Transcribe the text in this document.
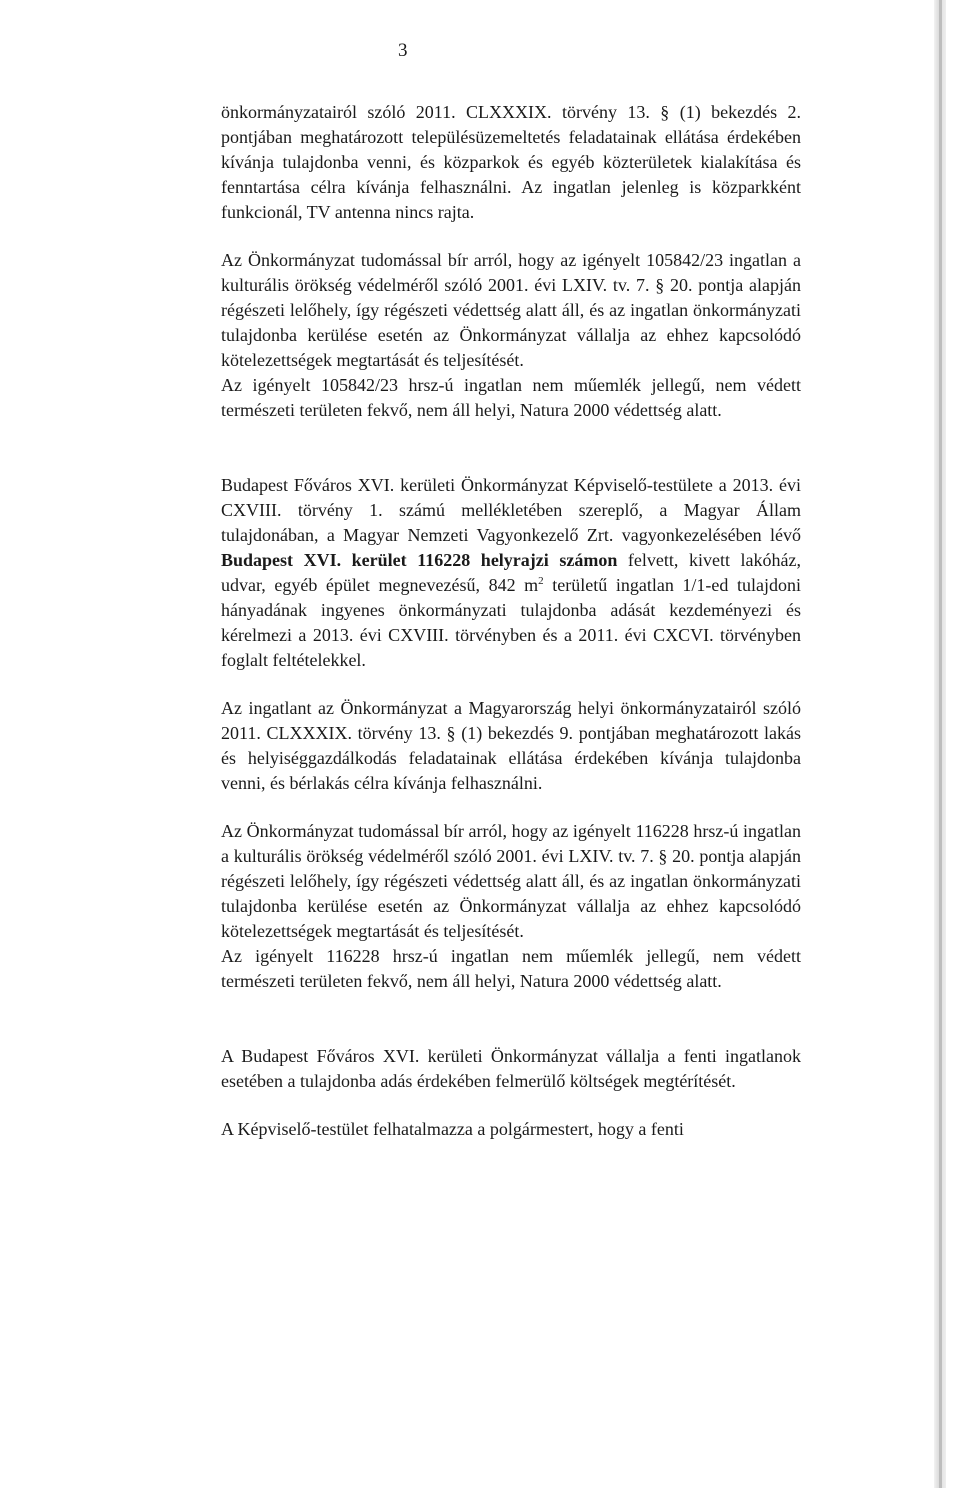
3

önkormányzatairól szóló 2011. CLXXXIX. törvény 13. § (1) bekezdés 2. pontjában meghatározott településüzemeltetés feladatainak ellátása érdekében kívánja tulajdonba venni, és közparkok és egyéb közterületek kialakítása és fenntartása célra kívánja felhasználni. Az ingatlan jelenleg is közparkként funkcionál, TV antenna nincs rajta.

Az Önkormányzat tudomással bír arról, hogy az igényelt 105842/23 ingatlan a kulturális örökség védelméről szóló 2001. évi LXIV. tv. 7. § 20. pontja alapján régészeti lelőhely, így régészeti védettség alatt áll, és az ingatlan önkormányzati tulajdonba kerülése esetén az Önkormányzat vállalja az ehhez kapcsolódó kötelezettségek megtartását és teljesítését.

Az igényelt 105842/23 hrsz-ú ingatlan nem műemlék jellegű, nem védett természeti területen fekvő, nem áll helyi, Natura 2000 védettség alatt.

Budapest Főváros XVI. kerületi Önkormányzat Képviselő-testülete a 2013. évi CXVIII. törvény 1. számú mellékletében szereplő, a Magyar Állam tulajdonában, a Magyar Nemzeti Vagyonkezelő Zrt. vagyonkezelésében lévő Budapest XVI. kerület 116228 helyrajzi számon felvett, kivett lakóház, udvar, egyéb épület megnevezésű, 842 $m^2$ területű ingatlan 1/1-ed tulajdoni hányadának ingyenes önkormányzati tulajdonba adását kezdeményezi és kérelmezi a 2013. évi CXVIII. törvényben és a 2011. évi CXCVI. törvényben foglalt feltételekkel.

Az ingatlant az Önkormányzat a Magyarország helyi önkormányzatairól szóló 2011. CLXXXIX. törvény 13. § (1) bekezdés 9. pontjában meghatározott lakás és helyiséggazdálkodás feladatainak ellátása érdekében kívánja tulajdonba venni, és bérlakás célra kívánja felhasználni.

Az Önkormányzat tudomással bír arról, hogy az igényelt 116228 hrsz-ú ingatlan a kulturális örökség védelméről szóló 2001. évi LXIV. tv. 7. § 20. pontja alapján régészeti lelőhely, így régészeti védettség alatt áll, és az ingatlan önkormányzati tulajdonba kerülése esetén az Önkormányzat vállalja az ehhez kapcsolódó kötelezettségek megtartását és teljesítését.

Az igényelt 116228 hrsz-ú ingatlan nem műemlék jellegű, nem védett természeti területen fekvő, nem áll helyi, Natura 2000 védettség alatt.

A Budapest Főváros XVI. kerületi Önkormányzat vállalja a fenti ingatlanok esetében a tulajdonba adás érdekében felmerülő költségek megtérítését.

A Képviselő-testület felhatalmazza a polgármestert, hogy a fenti
